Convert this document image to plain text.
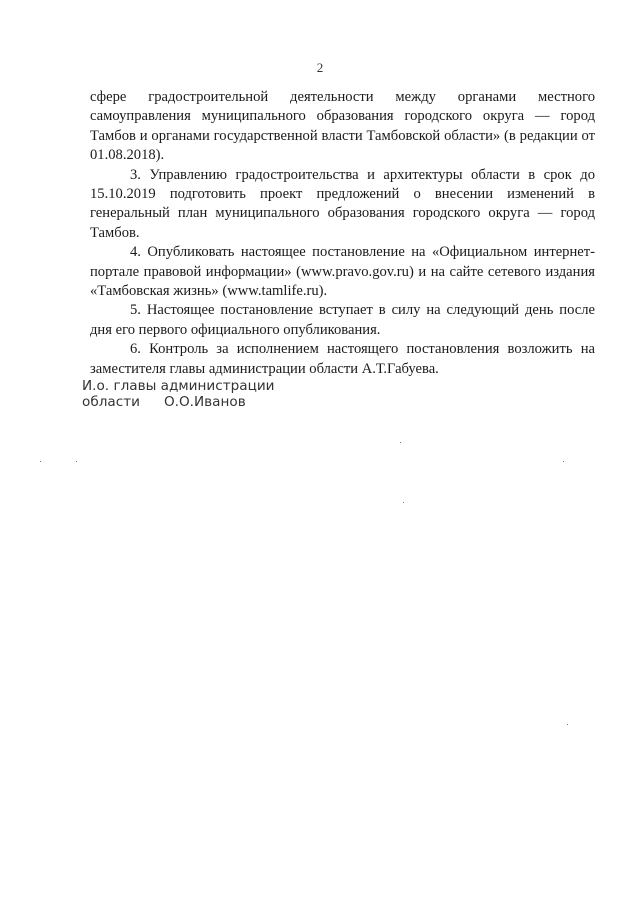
2

сфере градостроительной деятельности между органами местного самоуправления муниципального образования городского округа — город Тамбов и органами государственной власти Тамбовской области» (в редакции от 01.08.2018).

3. Управлению градостроительства и архитектуры области в срок до 15.10.2019 подготовить проект предложений о внесении изменений в генеральный план муниципального образования городского округа — город Тамбов.

4. Опубликовать настоящее постановление на «Официальном интернет-портале правовой информации» (www.pravo.gov.ru) и на сайте сетевого издания «Тамбовская жизнь» (www.tamlife.ru).

5. Настоящее постановление вступает в силу на следующий день после дня его первого официального опубликования.

6. Контроль за исполнением настоящего постановления возложить на заместителя главы администрации области А.Т.Габуева.

И.о. главы администрации
области О.О.Иванов
